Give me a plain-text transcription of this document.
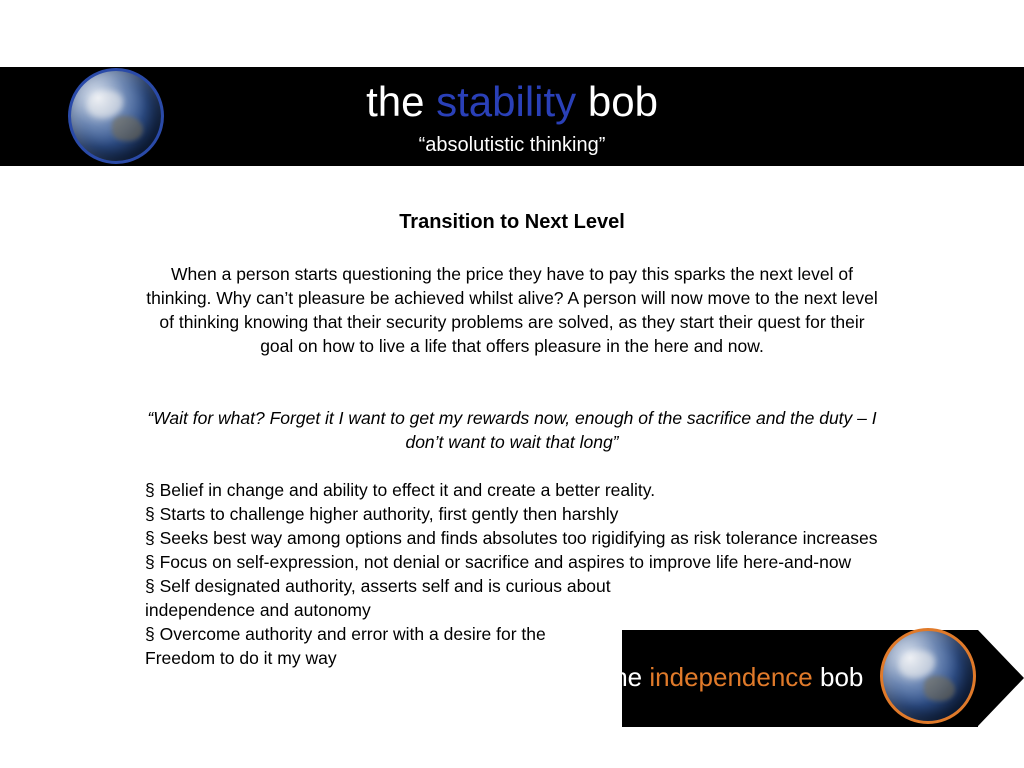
the stability bob
“absolutistic thinking”
Transition to Next Level

When a person starts questioning the price they have to pay this sparks the next level of thinking. Why can’t pleasure be achieved whilst alive? A person will now move to the next level of thinking knowing that their security problems are solved, as they start their quest for their goal on how to live a life that offers pleasure in the here and now.

“Wait for what? Forget it I want to get my rewards now, enough of the sacrifice and the duty – I don’t want to wait that long”

§ Belief in change and ability to effect it and create a better reality.
§ Starts to challenge higher authority, first gently then harshly
§ Seeks best way among options and finds absolutes too rigidifying as risk tolerance increases
§ Focus on self-expression, not denial or sacrifice and aspires to improve life here-and-now
§ Self designated authority, asserts self and is curious about independence and autonomy
§ Overcome authority and error with a desire for the Freedom to do it my way
the independence bob
